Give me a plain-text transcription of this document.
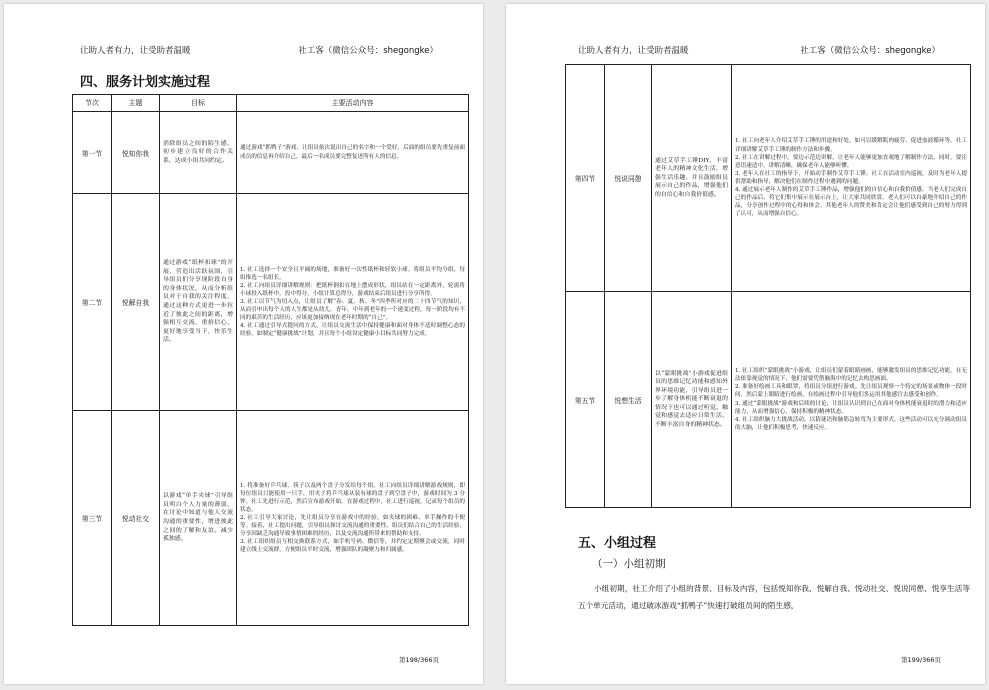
让助人者有力，让受助者温暖	社工客（微信公众号：shegongke）
四、服务计划实施过程
节次	主题	目标	主要活动内容
第一节	悦知你我	消除组员之间的陌生感，初步建立良好的合作关系，达成小组共同约定。	通过游戏“抓鸭子”游戏，让组员依次说出自己的名字和一个爱好，后面的组员要先重复前面成员的信息再介绍自己，最后一名成员要完整复述所有人的信息。

第二节	悦解自我	通过游戏“纸杯扣球”的开展，营造出活跃氛围，引导组员们分享现阶段自身的身体状况，从而分析组员对于自我的关注程度，通过这种方式更进一步拉近了彼此之间的距离，增强相互交流，重拾信心，更好地享受当下，快乐生活。	1. 社工选择一个安全且平阔的场地，准备好一次性纸杯和轻软小球。将组员平均分组，每组推选一名组长。
2. 社工向组员详细讲解规则：把纸杯倒扣在地上摆成形状，组员站在一定距离外，轮流将小球投入纸杯中，投中得分，小组计算总得分，游戏结束后组员进行分享所得。
3. 社工以节气为切入点，让组员了解“春、夏、秋、冬”四季所对应的二十四节气的知识，从而引申出每个人的人生都是从幼儿、青年、中年到老年的一个递变过程，每一阶段均有不同的艰苦的生活经历，应该更加接纳现在老年时期的“自己”。
4. 社工通过引导式提问的方式，让组员交流生活中保持健康和面对身体不适时调整心态的经验，如制定“健康挑战”计划，并且每个小组设定健康小目标共同努力完成。

第三节	悦动社交	以游戏“单手夹球”引导组员明白个人力量的薄弱，在讨论中知道与他人交流沟通的重要性，增进彼此之间的了解和友谊，减少孤独感。	1. 将准备好乒乓球、筷子以及两个盘子分发给每个组。社工向组员详细讲解游戏规则，即每位组员只能使用一只手，用夹子将乒乓球从装有球的盘子到空盘子中，游戏时间为 3 分钟。社工先进行示范，然后宣布游戏开始。在游戏过程中，社工进行巡视，记录每个组员的状态。
2. 社工引导大家讨论，先让组员分享在游戏中的经验，如夹球的困难、单手操作的不便等。接着，社工提出问题，引导组员探讨交流沟通的重要性，组员们结合自己的生活经验，分享因缺乏沟通导致事情困难的经历，以及交流沟通所带来的帮助和支持。
3. 社工组织组员互相交换联系方式，如手机号码、微信等，并约定定期聚会或交流，同时建立线上交流群，方便组员平时交流，增强团队的凝聚力和归属感。
第198/366页
让助人者有力，让受助者温暖	社工客（微信公众号：shegongke）
第四节	悦说同憩	通过艾草手工锤DIY，丰富老年人的精神文化生活，增强生活乐趣，并且鼓励组员展示自己的作品，增强他们的自信心和自我价值感。	1. 社工向老年人介绍艾草手工锤的用途和好处，如可以缓解肌肉疲劳、促进血液循环等。社工详细讲解艾草手工锤的制作方法和步骤。
2. 社工在讲解过程中，要边示范边讲解，让老年人能够更加直观地了解制作方法。同时，要注意语速适中、讲解清晰，确保老年人能够听懂。
3. 老年人在社工的指导下，开始动手制作艾草手工锤。社工在活动室内巡视，及时为老年人提供帮助和指导，解决他们在制作过程中遇到的问题。
4. 通过展示老年人制作的艾草手工锤作品，增强他们的自信心和自我价值感。当老人们完成自己的作品后，将它们集中展示在展示台上，让大家共同欣赏。老人们可以自豪地介绍自己的作品，分享创作过程中的心得和体会。其他老年人的赞美和肯定会让他们感受到自己的努力得到了认可，从而增强自信心。

第五节	悦想生活	以“蒙眼挑战”小游戏促进组员的思维记忆功能和感知外界环境功能，引导组员进一步了解身体机能不断衰退的情况下也可以通过听觉、触觉和感觉去适应日常生活，不断丰富自身的精神状态。	1. 社工组织“蒙眼挑战”小游戏，让组员们蒙着眼睛画画，能够激发组员的思维记忆功能，在无法依靠视觉的情况下，他们需要凭借脑海中的记忆去构思画面。
2. 准备好绘画工具和眼罩，将组员分组进行游戏。先让组员观察一个特定的场景或物体一段时间，然后蒙上眼睛进行绘画，在绘画过程中引导他们多运用其他感官去感受和创作。
3. 通过“蒙眼挑战”游戏和后续的讨论，让组员认识到自己在面对身体机能衰退时的潜力和适应能力，从而增强信心，保持积极的精神状态。
4. 社工组织脑力大挑战活动，以猜谜语和脑筋急转弯为主要形式。这些活动可以充分调动组员的大脑，让他们积极思考、快速反应。
五、小组过程
（一）小组初期
小组初期，社工介绍了小组的背景、目标及内容，包括悦知你我、悦解自我、悦动社交、悦说同憩、悦享生活等五个单元活动，通过破冰游戏“抓鸭子”快速打破组员间的陌生感，
第199/366页
